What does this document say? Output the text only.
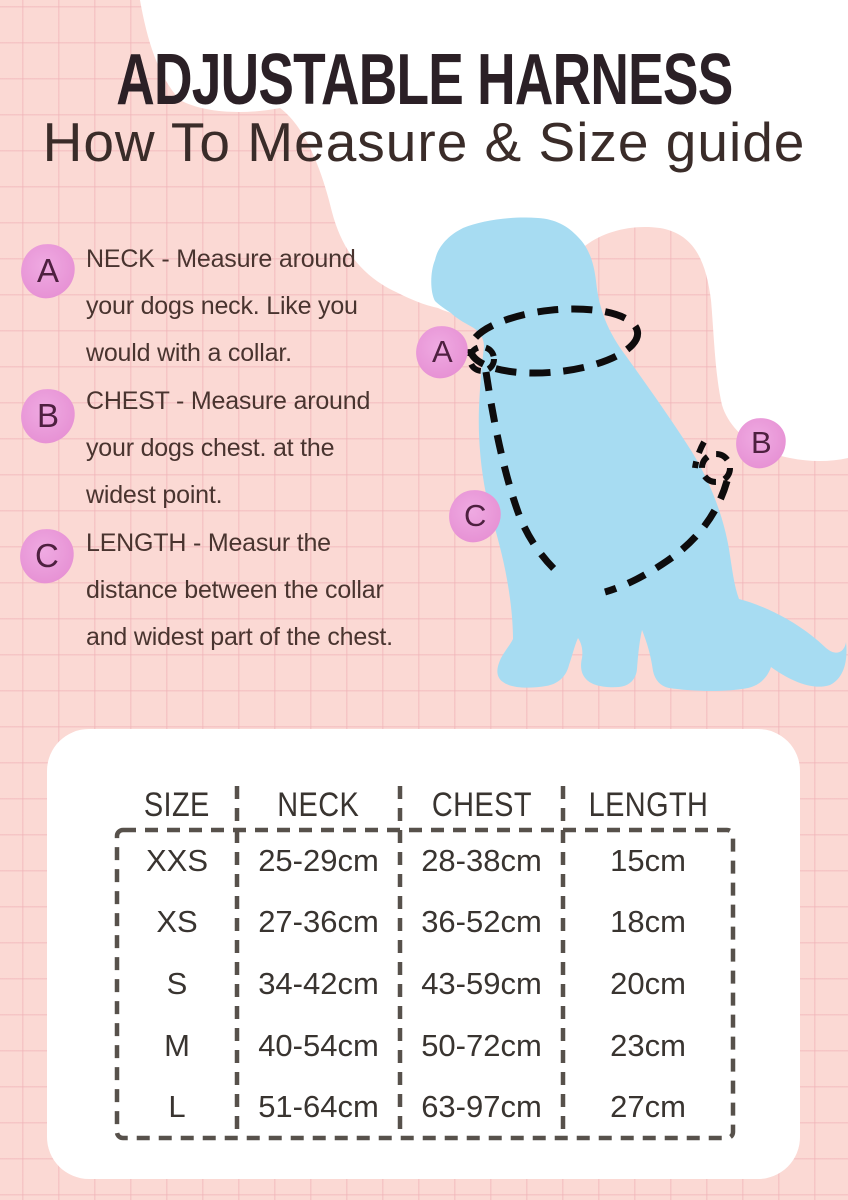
ADJUSTABLE HARNESS
How To Measure & Size guide
A NECK - Measure around
your dogs neck. Like you
would with a collar.
B CHEST - Measure around
your dogs chest. at the
widest point.
C LENGTH - Measur the
distance between the collar
and widest part of the chest.
A
B
C
SIZE NECK CHEST LENGTH
XXS	25-29cm	28-38cm	15cm
XS	27-36cm	36-52cm	18cm
S	34-42cm	43-59cm	20cm
M	40-54cm	50-72cm	23cm
L	51-64cm	63-97cm	27cm
